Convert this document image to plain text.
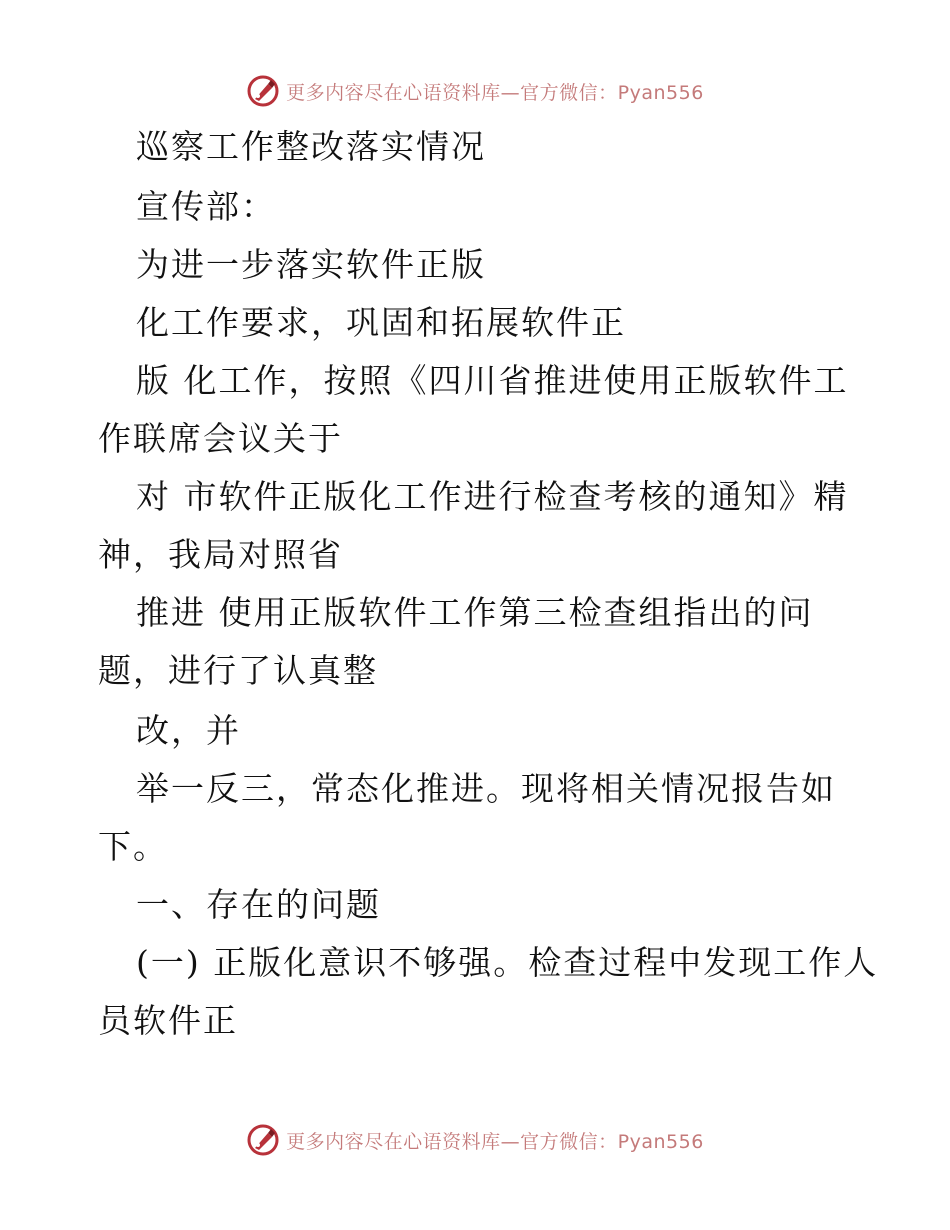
更多内容尽在心语资料库—官方微信：Pyan556
巡察工作整改落实情况
宣传部：
为进一步落实软件正版
化工作要求，巩固和拓展软件正
版 化工作，按照《四川省推进使用正版软件工
作联席会议关于
对 市软件正版化工作进行检查考核的通知》精
神，我局对照省
推进 使用正版软件工作第三检查组指出的问
题，进行了认真整
改，并
举一反三，常态化推进。现将相关情况报告如
下。
一、存在的问题
(一) 正版化意识不够强。检查过程中发现工作人
员软件正
更多内容尽在心语资料库—官方微信：Pyan556
